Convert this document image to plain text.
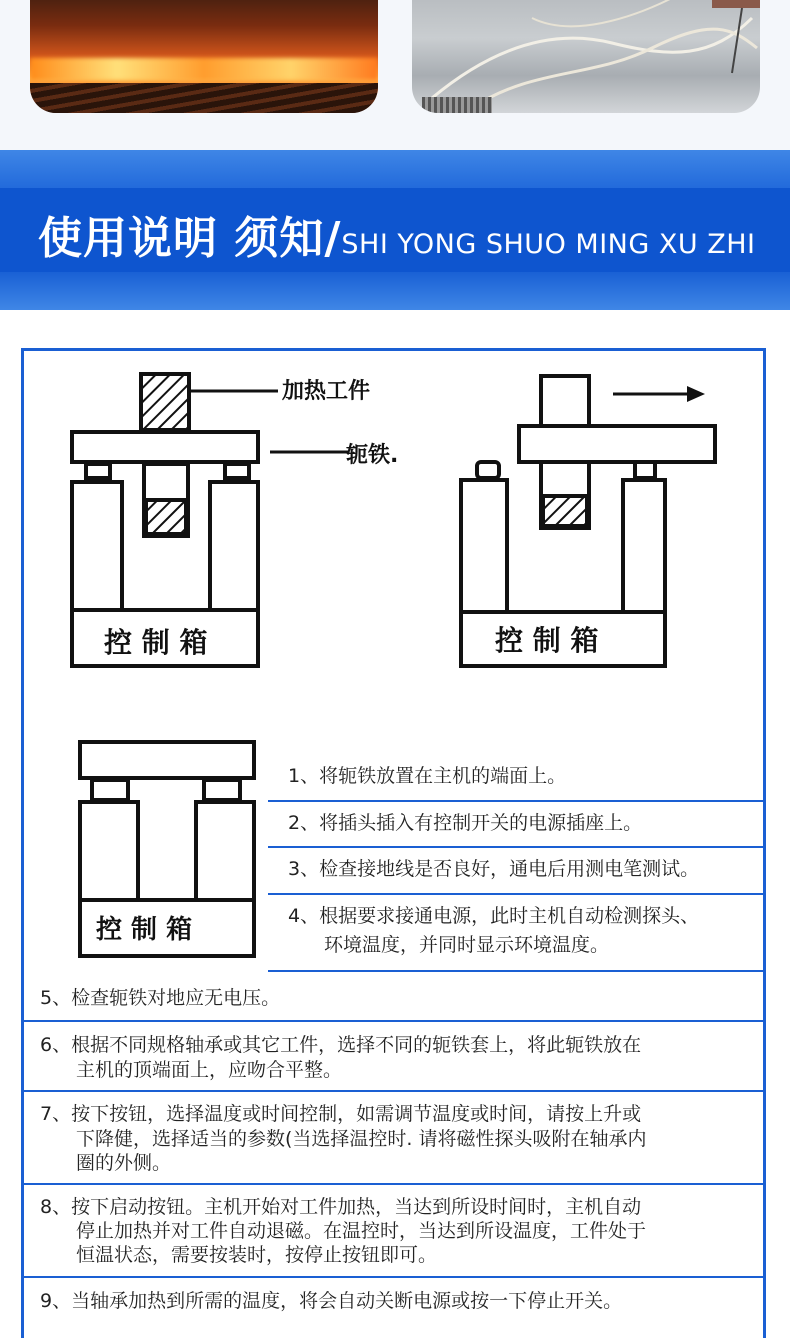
使用说明 须知/SHI YONG SHUO MING XU ZHI
加热工件
轭铁.
控 制 箱	控 制 箱
控 制 箱
1、将轭铁放置在主机的端面上。
2、将插头插入有控制开关的电源插座上。
3、检查接地线是否良好，通电后用测电笔测试。
4、根据要求接通电源，此时主机自动检测探头、
环境温度，并同时显示环境温度。
5、检查轭铁对地应无电压。
6、根据不同规格轴承或其它工件，选择不同的轭铁套上，将此轭铁放在
主机的顶端面上，应吻合平整。
7、按下按钮，选择温度或时间控制，如需调节温度或时间，请按上升或
下降健，选择适当的参数(当选择温控时. 请将磁性探头吸附在轴承内
圈的外侧。
8、按下启动按钮。主机开始对工件加热，当达到所设时间时，主机自动
停止加热并对工件自动退磁。在温控时，当达到所设温度，工件处于
恒温状态，需要按装时，按停止按钮即可。
9、当轴承加热到所需的温度，将会自动关断电源或按一下停止开关。
